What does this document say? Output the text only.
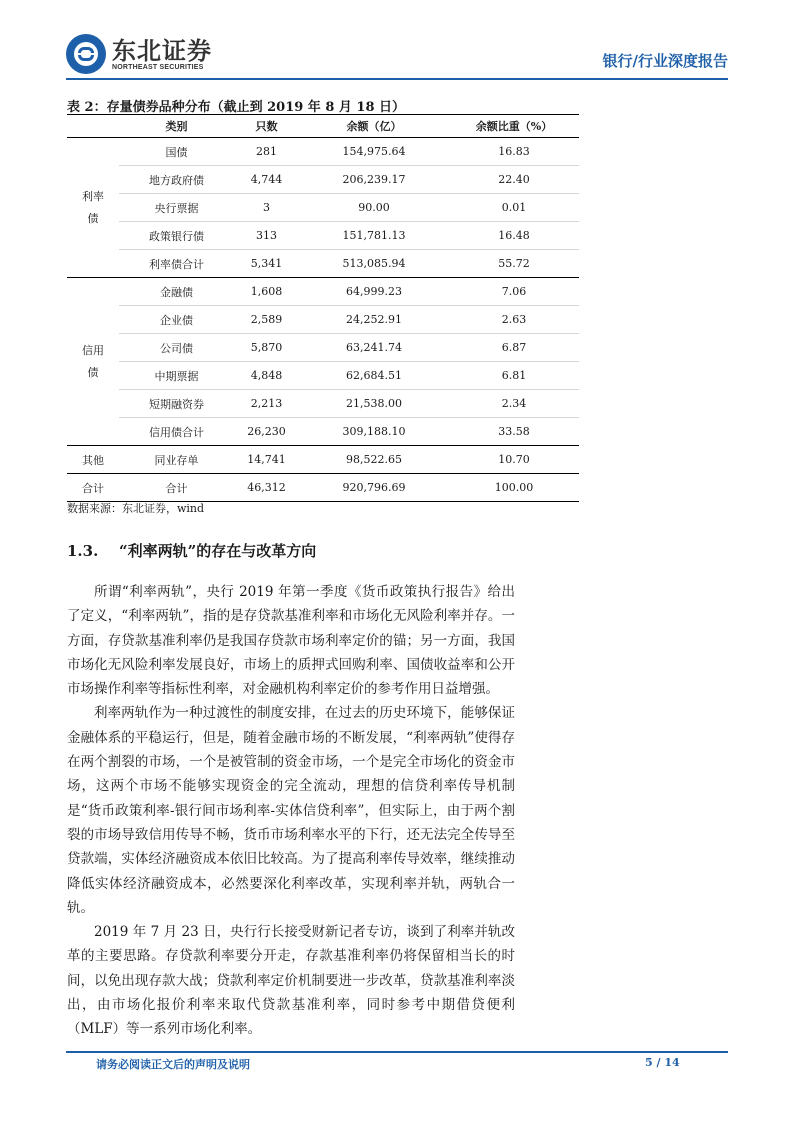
东北证券
NORTHEAST SECURITIES	银行/行业深度报告
表 2：存量债券品种分布（截止到 2019 年 8 月 18 日）
	类别	只数	余额（亿）	余额比重（%）
利率债	国债	281	154,975.64	16.83
	地方政府债	4,744	206,239.17	22.40
	央行票据	3	90.00	0.01
	政策银行债	313	151,781.13	16.48
	利率债合计	5,341	513,085.94	55.72
信用债	金融债	1,608	64,999.23	7.06
	企业债	2,589	24,252.91	2.63
	公司债	5,870	63,241.74	6.87
	中期票据	4,848	62,684.51	6.81
	短期融资券	2,213	21,538.00	2.34
	信用债合计	26,230	309,188.10	33.58
其他	同业存单	14,741	98,522.65	10.70
合计	合计	46,312	920,796.69	100.00
数据来源：东北证券，wind
1.3. “利率两轨”的存在与改革方向

所谓“利率两轨”，央行 2019 年第一季度《货币政策执行报告》给出了定义，“利率两轨”，指的是存贷款基准利率和市场化无风险利率并存。一方面，存贷款基准利率仍是我国存贷款市场利率定价的锚；另一方面，我国市场化无风险利率发展良好，市场上的质押式回购利率、国债收益率和公开市场操作利率等指标性利率，对金融机构利率定价的参考作用日益增强。

利率两轨作为一种过渡性的制度安排，在过去的历史环境下，能够保证金融体系的平稳运行，但是，随着金融市场的不断发展，“利率两轨”使得存在两个割裂的市场，一个是被管制的资金市场，一个是完全市场化的资金市场，这两个市场不能够实现资金的完全流动，理想的信贷利率传导机制是“货币政策利率-银行间市场利率-实体信贷利率”，但实际上，由于两个割裂的市场导致信用传导不畅，货币市场利率水平的下行，还无法完全传导至贷款端，实体经济融资成本依旧比较高。为了提高利率传导效率，继续推动降低实体经济融资成本，必然要深化利率改革，实现利率并轨，两轨合一轨。

2019 年 7 月 23 日，央行行长接受财新记者专访，谈到了利率并轨改革的主要思路。存贷款利率要分开走，存款基准利率仍将保留相当长的时间，以免出现存款大战；贷款利率定价机制要进一步改革，贷款基准利率淡出，由市场化报价利率来取代贷款基准利率，同时参考中期借贷便利（MLF）等一系列市场化利率。

请务必阅读正文后的声明及说明	5 / 14
